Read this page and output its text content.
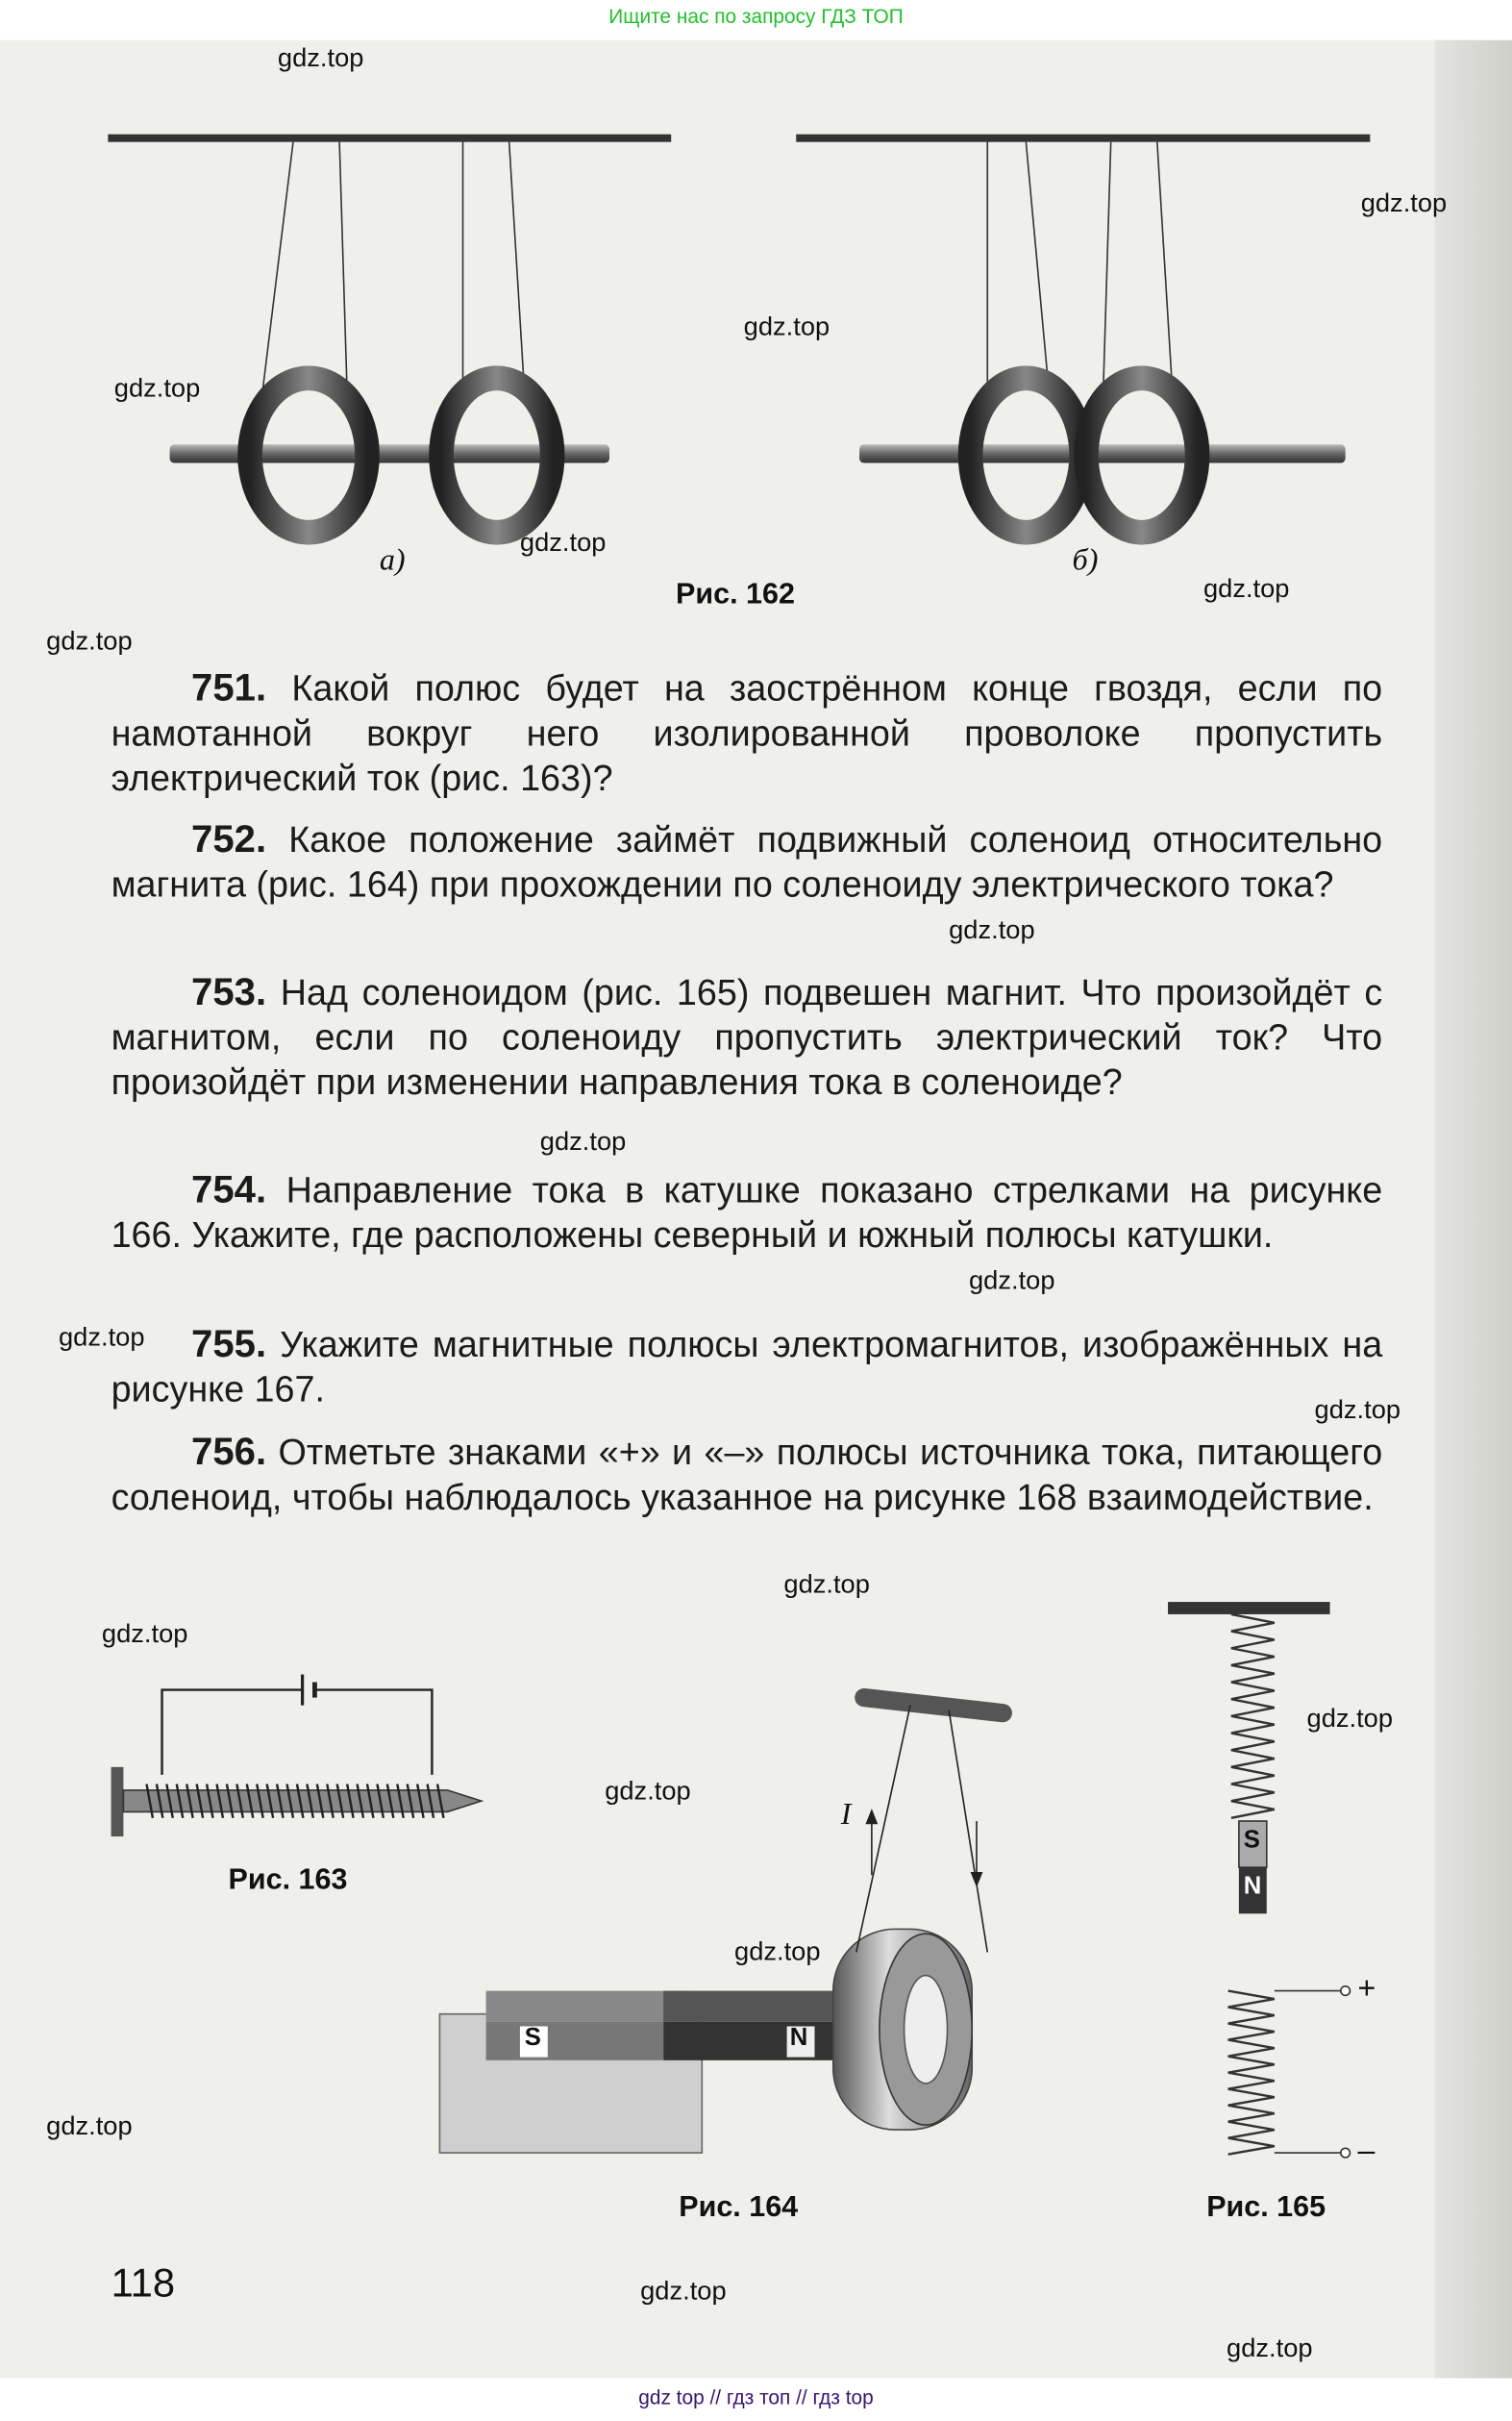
Ищите нас по запросу ГДЗ ТОП
а)	б)
Рис. 162
Рис. 163
Рис. 164	Рис. 165
S	N
S
N
+
–
I
751. Какой полюс будет на заострённом конце гвоздя, если по намотанной вокруг него изолированной проволоке пропустить электрический ток (рис. 163)?
752. Какое положение займёт подвижный соленоид относительно магнита (рис. 164) при прохождении по соленоиду электрического тока?
753. Над соленоидом (рис. 165) подвешен магнит. Что произойдёт с магнитом, если по соленоиду пропустить электрический ток? Что произойдёт при изменении направления тока в соленоиде?
754. Направление тока в катушке показано стрелками на рисунке 166. Укажите, где расположены северный и южный полюсы катушки.
755. Укажите магнитные полюсы электромагнитов, изображённых на рисунке 167.
756. Отметьте знаками «+» и «–» полюсы источника тока, питающего соленоид, чтобы наблюдалось указанное на рисунке 168 взаимодействие.
118
gdz top // гдз топ // гдз top
gdz.top
gdz.top
gdz.top
gdz.top
gdz.top
gdz.top
gdz.top
gdz.top
gdz.top
gdz.top
gdz.top
gdz.top
gdz.top
gdz.top
gdz.top
gdz.top
gdz.top
gdz.top
gdz.top
gdz.top
